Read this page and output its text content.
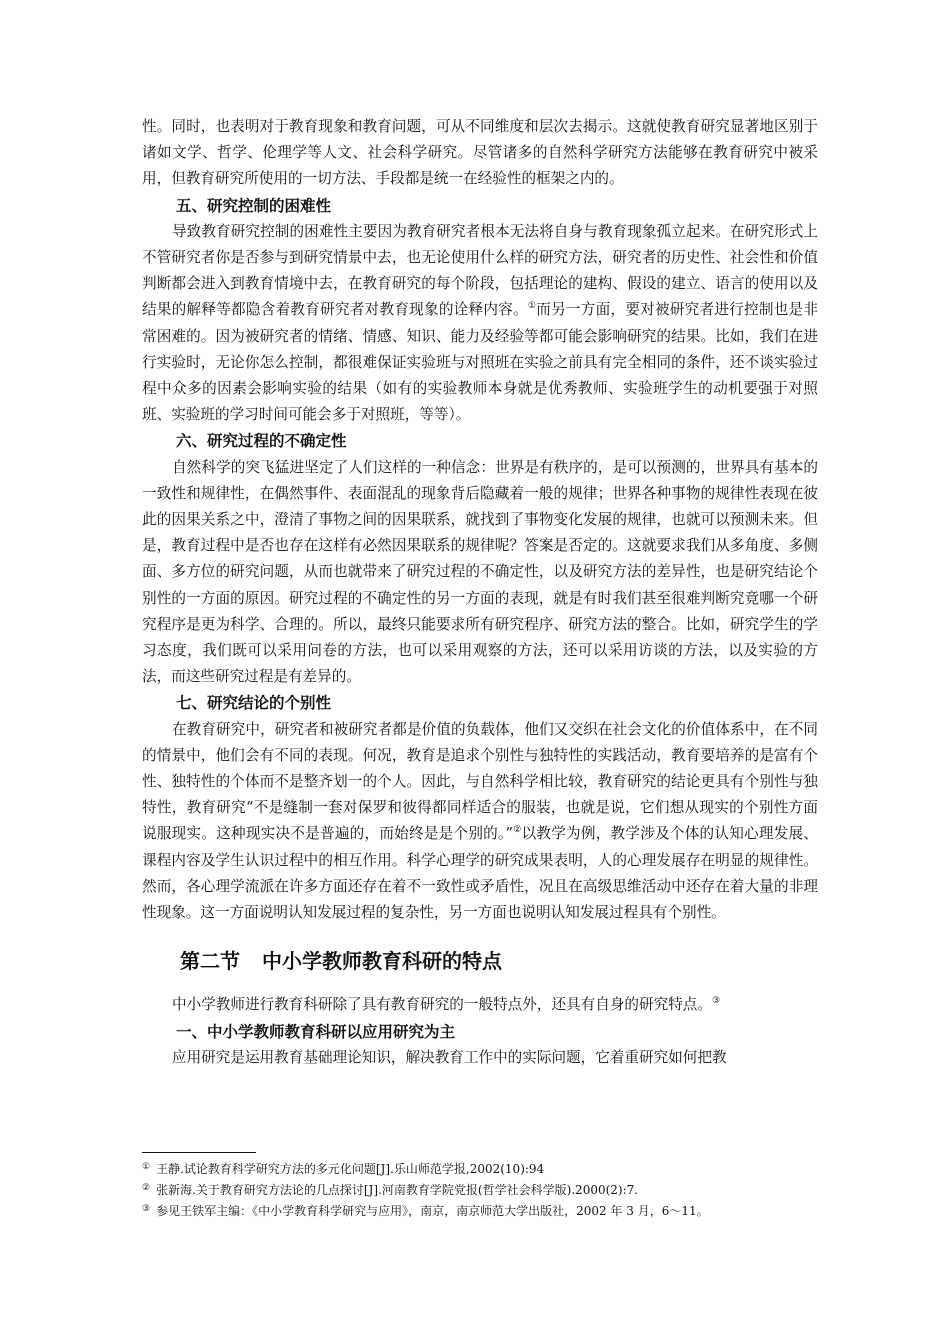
性。同时，也表明对于教育现象和教育问题，可从不同维度和层次去揭示。这就使教育研究显著地区别于诸如文学、哲学、伦理学等人文、社会科学研究。尽管诸多的自然科学研究方法能够在教育研究中被采用，但教育研究所使用的一切方法、手段都是统一在经验性的框架之内的。

五、研究控制的困难性

导致教育研究控制的困难性主要因为教育研究者根本无法将自身与教育现象孤立起来。在研究形式上不管研究者你是否参与到研究情景中去，也无论使用什么样的研究方法，研究者的历史性、社会性和价值判断都会进入到教育情境中去，在教育研究的每个阶段，包括理论的建构、假设的建立、语言的使用以及结果的解释等都隐含着教育研究者对教育现象的诠释内容。①而另一方面，要对被研究者进行控制也是非常困难的。因为被研究者的情绪、情感、知识、能力及经验等都可能会影响研究的结果。比如，我们在进行实验时，无论你怎么控制，都很难保证实验班与对照班在实验之前具有完全相同的条件，还不谈实验过程中众多的因素会影响实验的结果（如有的实验教师本身就是优秀教师、实验班学生的动机要强于对照班、实验班的学习时间可能会多于对照班，等等）。

六、研究过程的不确定性

自然科学的突飞猛进坚定了人们这样的一种信念：世界是有秩序的，是可以预测的，世界具有基本的一致性和规律性，在偶然事件、表面混乱的现象背后隐藏着一般的规律；世界各种事物的规律性表现在彼此的因果关系之中，澄清了事物之间的因果联系，就找到了事物变化发展的规律，也就可以预测未来。但是，教育过程中是否也存在这样有必然因果联系的规律呢？答案是否定的。这就要求我们从多角度、多侧面、多方位的研究问题，从而也就带来了研究过程的不确定性，以及研究方法的差异性，也是研究结论个别性的一方面的原因。研究过程的不确定性的另一方面的表现，就是有时我们甚至很难判断究竟哪一个研究程序是更为科学、合理的。所以，最终只能要求所有研究程序、研究方法的整合。比如，研究学生的学习态度，我们既可以采用问卷的方法，也可以采用观察的方法，还可以采用访谈的方法，以及实验的方法，而这些研究过程是有差异的。

七、研究结论的个别性

在教育研究中，研究者和被研究者都是价值的负载体，他们又交织在社会文化的价值体系中，在不同的情景中，他们会有不同的表现。何况，教育是追求个别性与独特性的实践活动，教育要培养的是富有个性、独特性的个体而不是整齐划一的个人。因此，与自然科学相比较，教育研究的结论更具有个别性与独特性，教育研究“不是缝制一套对保罗和彼得都同样适合的服装，也就是说，它们想从现实的个别性方面说服现实。这种现实决不是普遍的，而始终是是个别的。”②以教学为例，教学涉及个体的认知心理发展、课程内容及学生认识过程中的相互作用。科学心理学的研究成果表明，人的心理发展存在明显的规律性。然而，各心理学流派在许多方面还存在着不一致性或矛盾性，况且在高级思维活动中还存在着大量的非理性现象。这一方面说明认知发展过程的复杂性，另一方面也说明认知发展过程具有个别性。

第二节 中小学教师教育科研的特点

中小学教师进行教育科研除了具有教育研究的一般特点外，还具有自身的研究特点。③

一、中小学教师教育科研以应用研究为主

应用研究是运用教育基础理论知识，解决教育工作中的实际问题，它着重研究如何把教

① 王静.试论教育科学研究方法的多元化问题[J].乐山师范学报,2002(10):94

② 张新海.关于教育研究方法论的几点探讨[J].河南教育学院党报(哲学社会科学版).2000(2):7.

③ 参见王铁军主编：《中小学教育科学研究与应用》，南京，南京师范大学出版社，2002 年 3 月，6～11。
